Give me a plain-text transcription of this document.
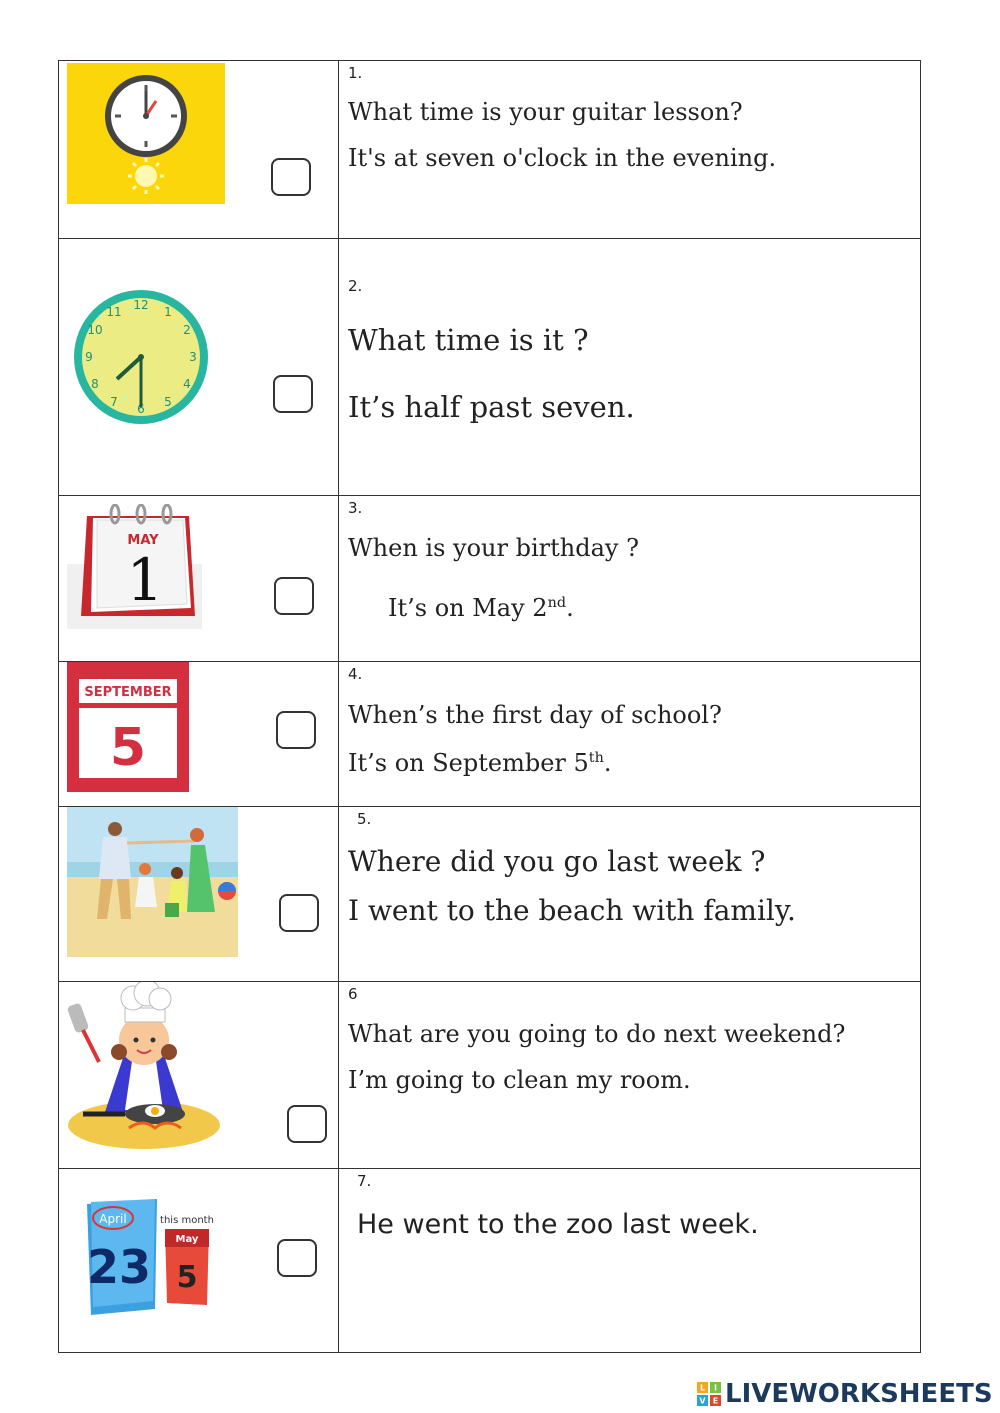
1.
What time is your guitar lesson?
It's at seven o'clock in the evening.
12 1
2
3
4
5
6
7
8
9
10
11
2.
What time is it ?
It’s half past seven.
MAY
1
3.
When is your birthday ?
It’s on May 2nd.
SEPTEMBER
5
4.
When’s the first day of school?
It’s on September 5th.
5.
Where did you go last week ?
I went to the beach with family.
6
What are you going to do next weekend?
I’m going to clean my room.
April
23
this month
May
5
7.
He went to the zoo last week.
L I
V E LIVEWORKSHEETS
